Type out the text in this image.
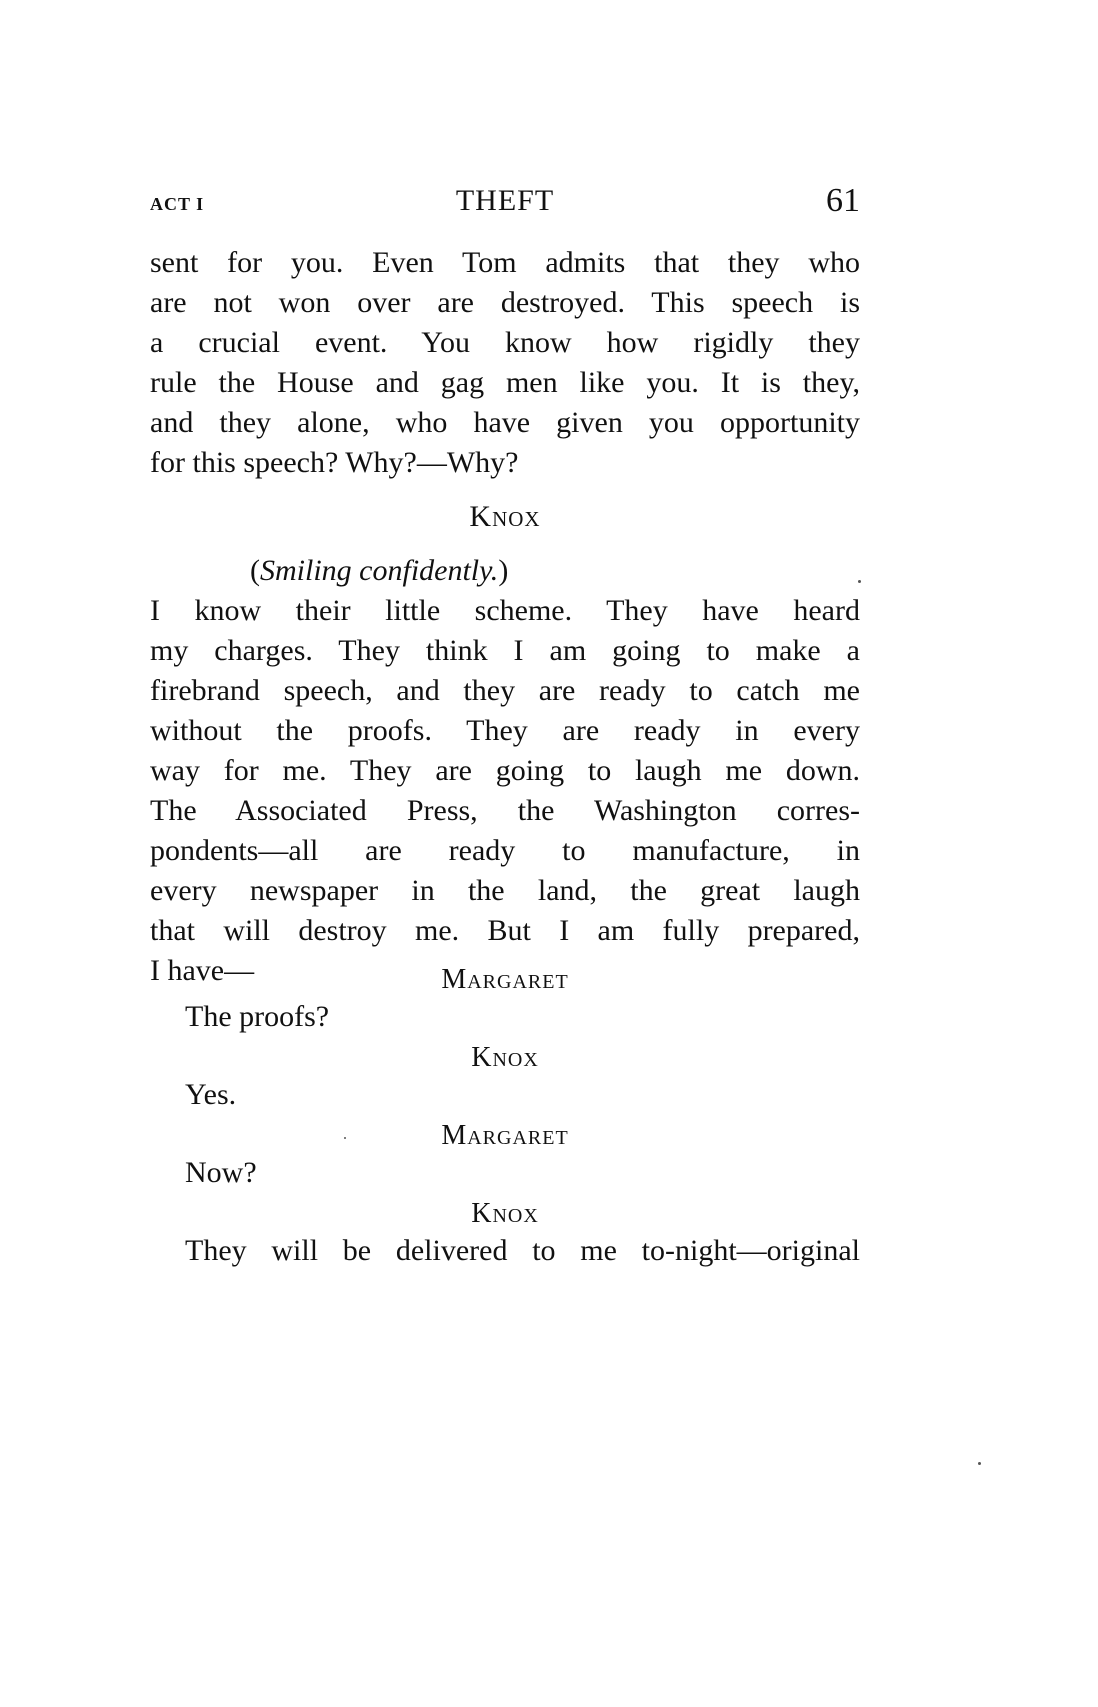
ACT I	THEFT	61
sent for you. Even Tom admits that they who
are not won over are destroyed. This speech is
a crucial event. You know how rigidly they
rule the House and gag men like you. It is they,
and they alone, who have given you opportunity
for this speech? Why?—Why?
Knox
(Smiling confidently.)
I know their little scheme. They have heard
my charges. They think I am going to make a
firebrand speech, and they are ready to catch me
without the proofs. They are ready in every
way for me. They are going to laugh me down.
The Associated Press, the Washington corres-
pondents—all are ready to manufacture, in
every newspaper in the land, the great laugh
that will destroy me. But I am fully prepared,
I have—	Margaret
The proofs?
Knox
Yes.
Margaret
Now?
Knox
They will be delivered to me to-night—original
